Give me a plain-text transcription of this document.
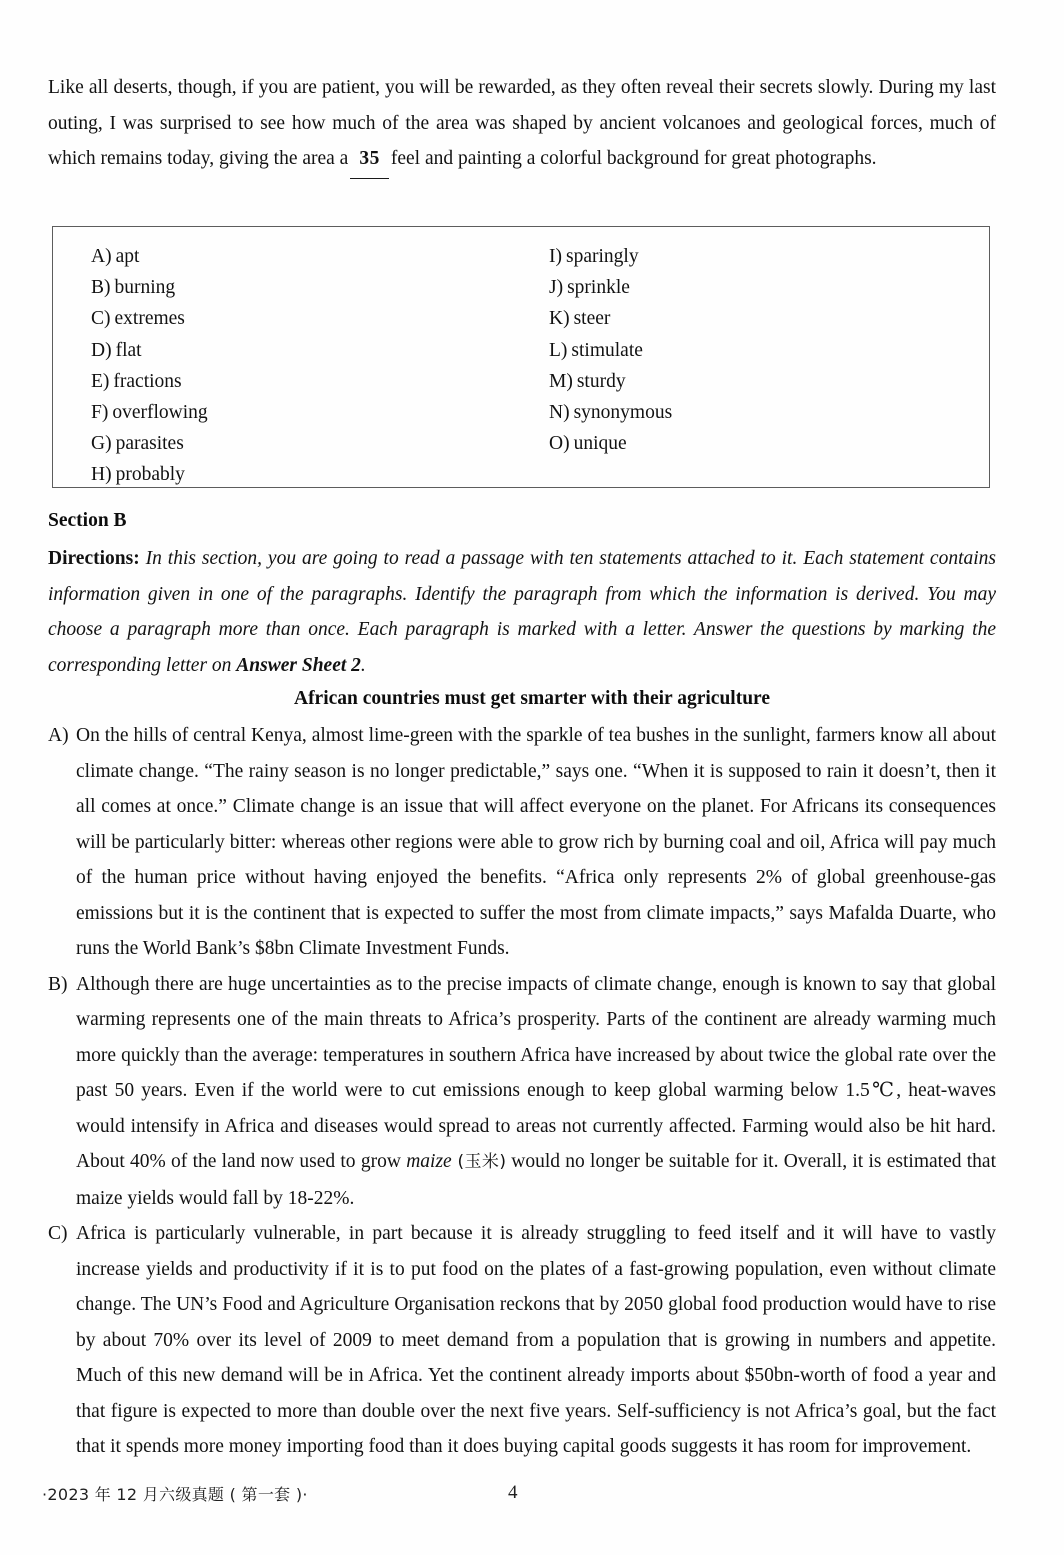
Like all deserts, though, if you are patient, you will be rewarded, as they often reveal their secrets slowly. During my last outing, I was surprised to see how much of the area was shaped by ancient volcanoes and geological forces, much of which remains today, giving the area a 35 feel and painting a colorful background for great photographs.
A) apt
B) burning
C) extremes
D) flat
E) fractions
F) overflowing
G) parasites
H) probably
I) sparingly
J) sprinkle
K) steer
L) stimulate
M) sturdy
N) synonymous
O) unique
Section B
Directions: In this section, you are going to read a passage with ten statements attached to it. Each statement contains information given in one of the paragraphs. Identify the paragraph from which the information is derived. You may choose a paragraph more than once. Each paragraph is marked with a letter. Answer the questions by marking the corresponding letter on Answer Sheet 2.
African countries must get smarter with their agriculture
A) On the hills of central Kenya, almost lime-green with the sparkle of tea bushes in the sunlight, farmers know all about climate change. “The rainy season is no longer predictable,” says one. “When it is supposed to rain it doesn’t, then it all comes at once.” Climate change is an issue that will affect everyone on the planet. For Africans its consequences will be particularly bitter: whereas other regions were able to grow rich by burning coal and oil, Africa will pay much of the human price without having enjoyed the benefits. “Africa only represents 2% of global greenhouse-gas emissions but it is the continent that is expected to suffer the most from climate impacts,” says Mafalda Duarte, who runs the World Bank’s $8bn Climate Investment Funds.
B) Although there are huge uncertainties as to the precise impacts of climate change, enough is known to say that global warming represents one of the main threats to Africa’s prosperity. Parts of the continent are already warming much more quickly than the average: temperatures in southern Africa have increased by about twice the global rate over the past 50 years. Even if the world were to cut emissions enough to keep global warming below 1.5℃, heat-waves would intensify in Africa and diseases would spread to areas not currently affected. Farming would also be hit hard. About 40% of the land now used to grow maize (玉米) would no longer be suitable for it. Overall, it is estimated that maize yields would fall by 18-22%.
C) Africa is particularly vulnerable, in part because it is already struggling to feed itself and it will have to vastly increase yields and productivity if it is to put food on the plates of a fast-growing population, even without climate change. The UN’s Food and Agriculture Organisation reckons that by 2050 global food production would have to rise by about 70% over its level of 2009 to meet demand from a population that is growing in numbers and appetite. Much of this new demand will be in Africa. Yet the continent already imports about $50bn-worth of food a year and that figure is expected to more than double over the next five years. Self-sufficiency is not Africa’s goal, but the fact that it spends more money importing food than it does buying capital goods suggests it has room for improvement.
·2023 年 12 月六级真题 ( 第一套 )·	4
